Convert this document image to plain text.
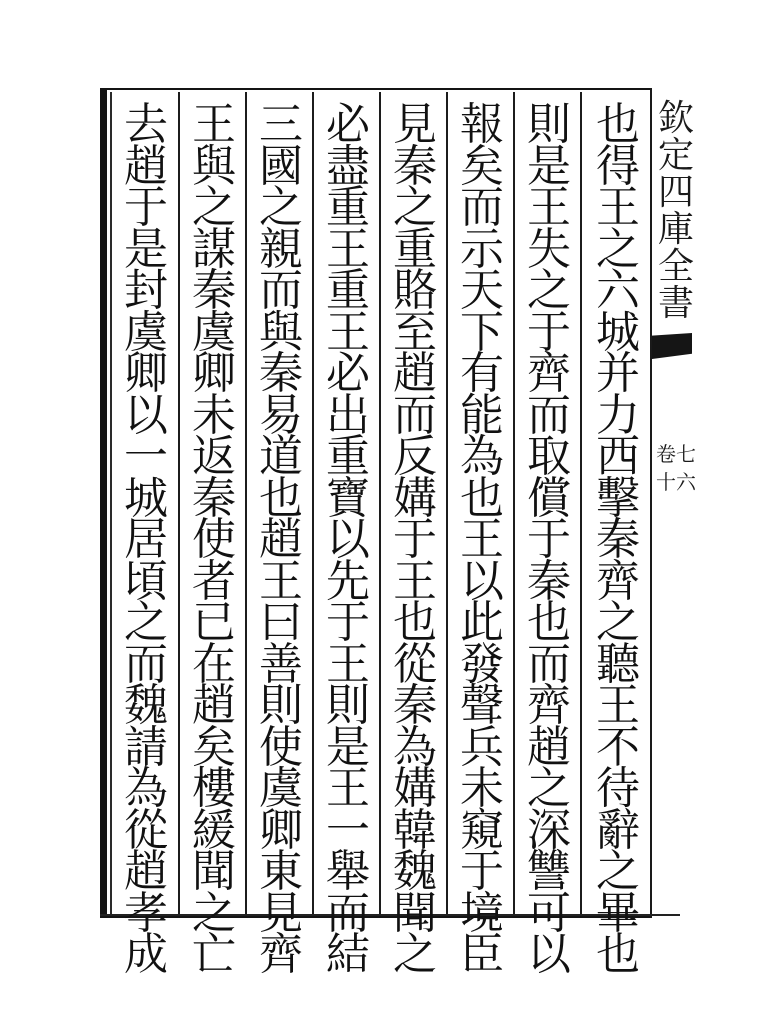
欽定四庫全書
卷七十六
也得王之六城并力西擊秦齊之聽王不待辭之畢也
則是王失之于齊而取償于秦也而齊趙之深讐可以
報矣而示天下有能為也王以此發聲兵未窺于境臣
見秦之重賂至趙而反媾于王也從秦為媾韓魏聞之
必盡重王重王必出重寶以先于王則是王一舉而結
三國之親而與秦易道也趙王曰善則使虞卿東見齊
王與之謀秦虞卿未返秦使者已在趙矣樓緩聞之亡
去趙于是封虞卿以一城居頃之而魏請為從趙孝成
